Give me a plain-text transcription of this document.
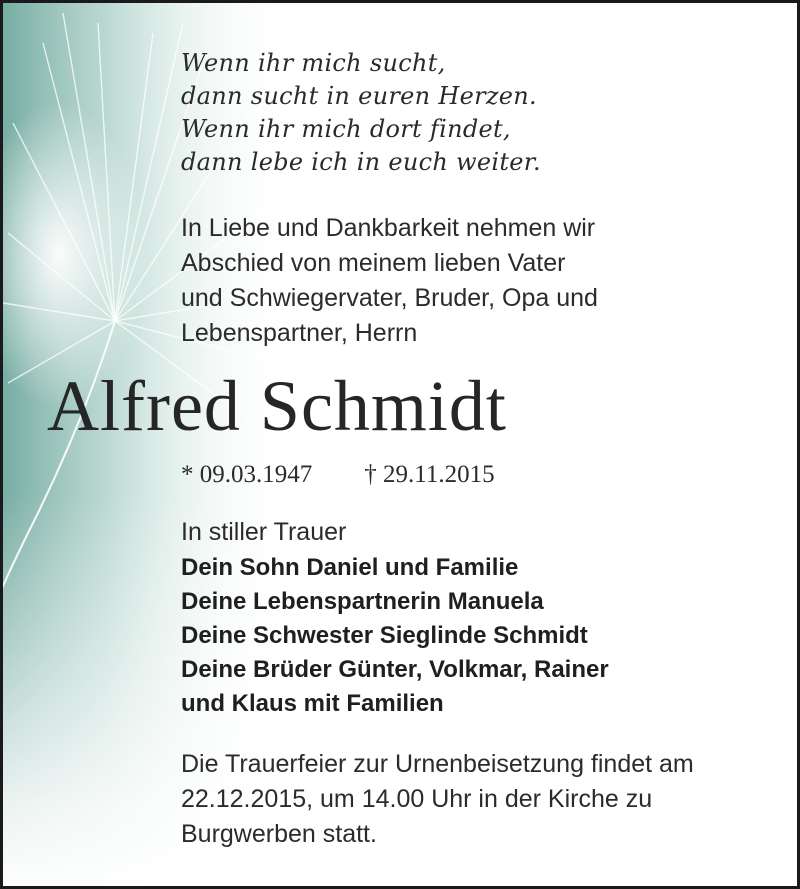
Wenn ihr mich sucht,
dann sucht in euren Herzen.
Wenn ihr mich dort findet,
dann lebe ich in euch weiter.
In Liebe und Dankbarkeit nehmen wir
Abschied von meinem lieben Vater
und Schwiegervater, Bruder, Opa und
Lebenspartner, Herrn
Alfred Schmidt
* 09.03.1947 † 29.11.2015
In stiller Trauer
Dein Sohn Daniel und Familie
Deine Lebenspartnerin Manuela
Deine Schwester Sieglinde Schmidt
Deine Brüder Günter, Volkmar, Rainer
und Klaus mit Familien
Die Trauerfeier zur Urnenbeisetzung findet am
22.12.2015, um 14.00 Uhr in der Kirche zu
Burgwerben statt.
